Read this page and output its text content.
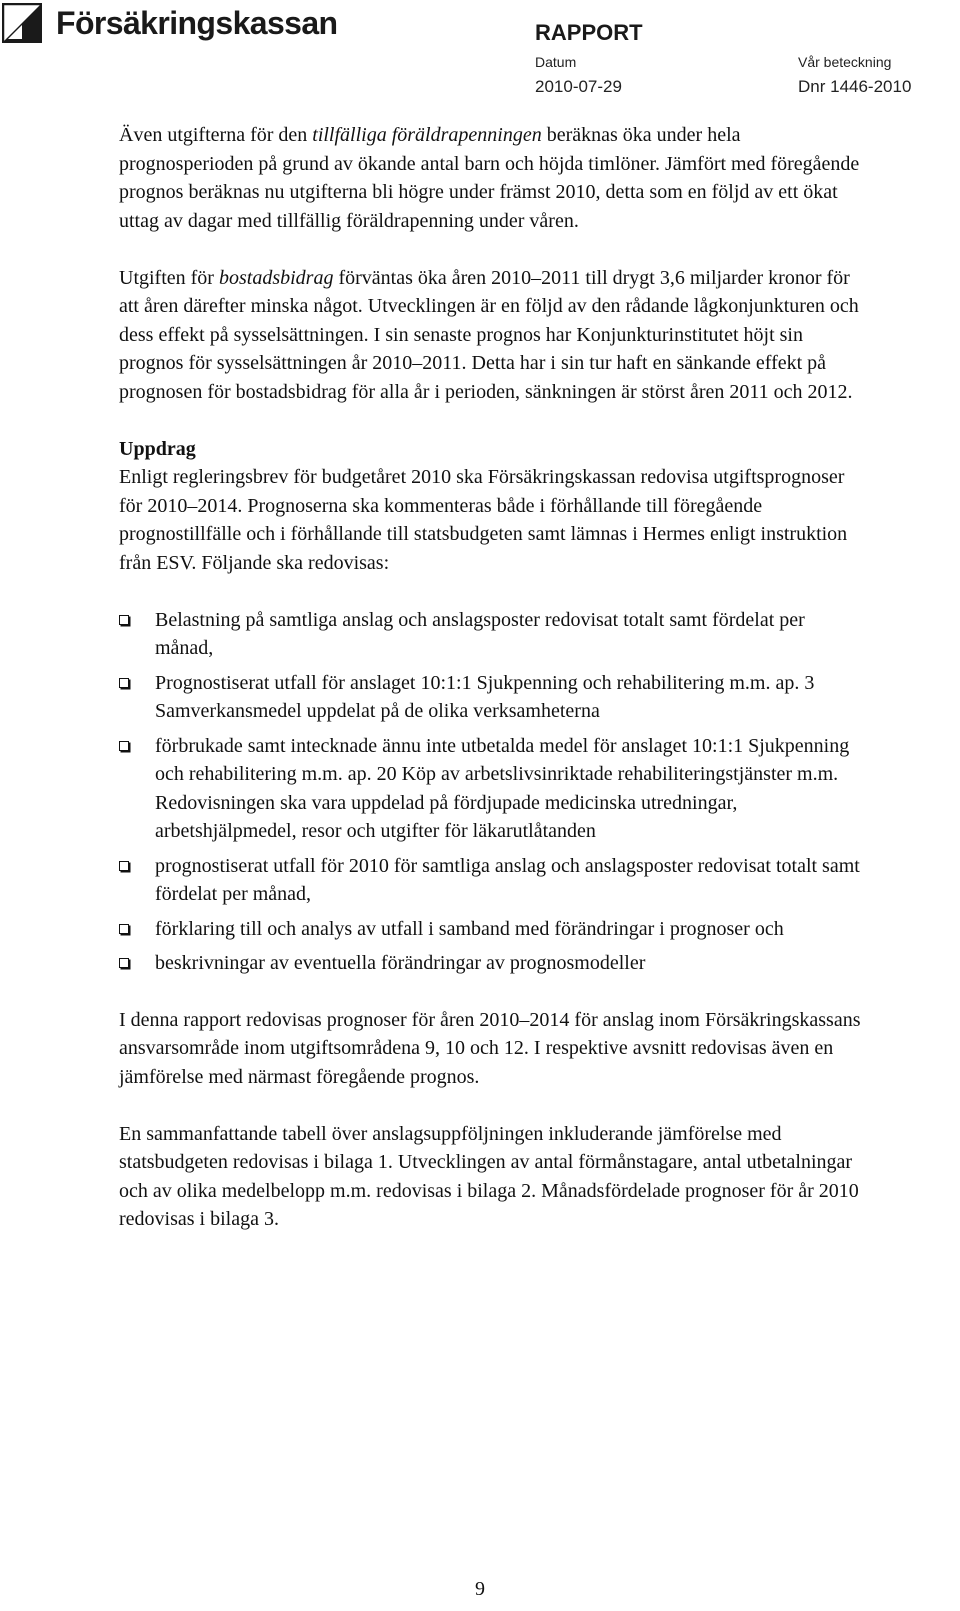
Försäkringskassan	RAPPORT
Datum	Vår beteckning
2010-07-29	Dnr 1446-2010

Även utgifterna för den tillfälliga föräldrapenningen beräknas öka under hela prognosperioden på grund av ökande antal barn och höjda timlöner. Jämfört med föregående prognos beräknas nu utgifterna bli högre under främst 2010, detta som en följd av ett ökat uttag av dagar med tillfällig föräldrapenning under våren.

Utgiften för bostadsbidrag förväntas öka åren 2010–2011 till drygt 3,6 miljarder kronor för att åren därefter minska något. Utvecklingen är en följd av den rådande lågkonjunkturen och dess effekt på sysselsättningen. I sin senaste prognos har Konjunkturinstitutet höjt sin prognos för sysselsättningen år 2010–2011. Detta har i sin tur haft en sänkande effekt på prognosen för bostadsbidrag för alla år i perioden, sänkningen är störst åren 2011 och 2012.

Uppdrag

Enligt regleringsbrev för budgetåret 2010 ska Försäkringskassan redovisa utgiftsprognoser för 2010–2014. Prognoserna ska kommenteras både i förhållande till föregående prognostillfälle och i förhållande till statsbudgeten samt lämnas i Hermes enligt instruktion från ESV. Följande ska redovisas:

Belastning på samtliga anslag och anslagsposter redovisat totalt samt fördelat per månad,
Prognostiserat utfall för anslaget 10:1:1 Sjukpenning och rehabilitering m.m. ap. 3 Samverkansmedel uppdelat på de olika verksamheterna
förbrukade samt intecknade ännu inte utbetalda medel för anslaget 10:1:1 Sjukpenning och rehabilitering m.m. ap. 20 Köp av arbetslivsinriktade rehabiliteringstjänster m.m. Redovisningen ska vara uppdelad på fördjupade medicinska utredningar, arbetshjälpmedel, resor och utgifter för läkarutlåtanden
prognostiserat utfall för 2010 för samtliga anslag och anslagsposter redovisat totalt samt fördelat per månad,
förklaring till och analys av utfall i samband med förändringar i prognoser och
beskrivningar av eventuella förändringar av prognosmodeller

I denna rapport redovisas prognoser för åren 2010–2014 för anslag inom Försäkringskassans ansvarsområde inom utgiftsområdena 9, 10 och 12. I respektive avsnitt redovisas även en jämförelse med närmast föregående prognos.

En sammanfattande tabell över anslagsuppföljningen inkluderande jämförelse med statsbudgeten redovisas i bilaga 1. Utvecklingen av antal förmånstagare, antal utbetalningar och av olika medelbelopp m.m. redovisas i bilaga 2. Månadsfördelade prognoser för år 2010 redovisas i bilaga 3.

9
